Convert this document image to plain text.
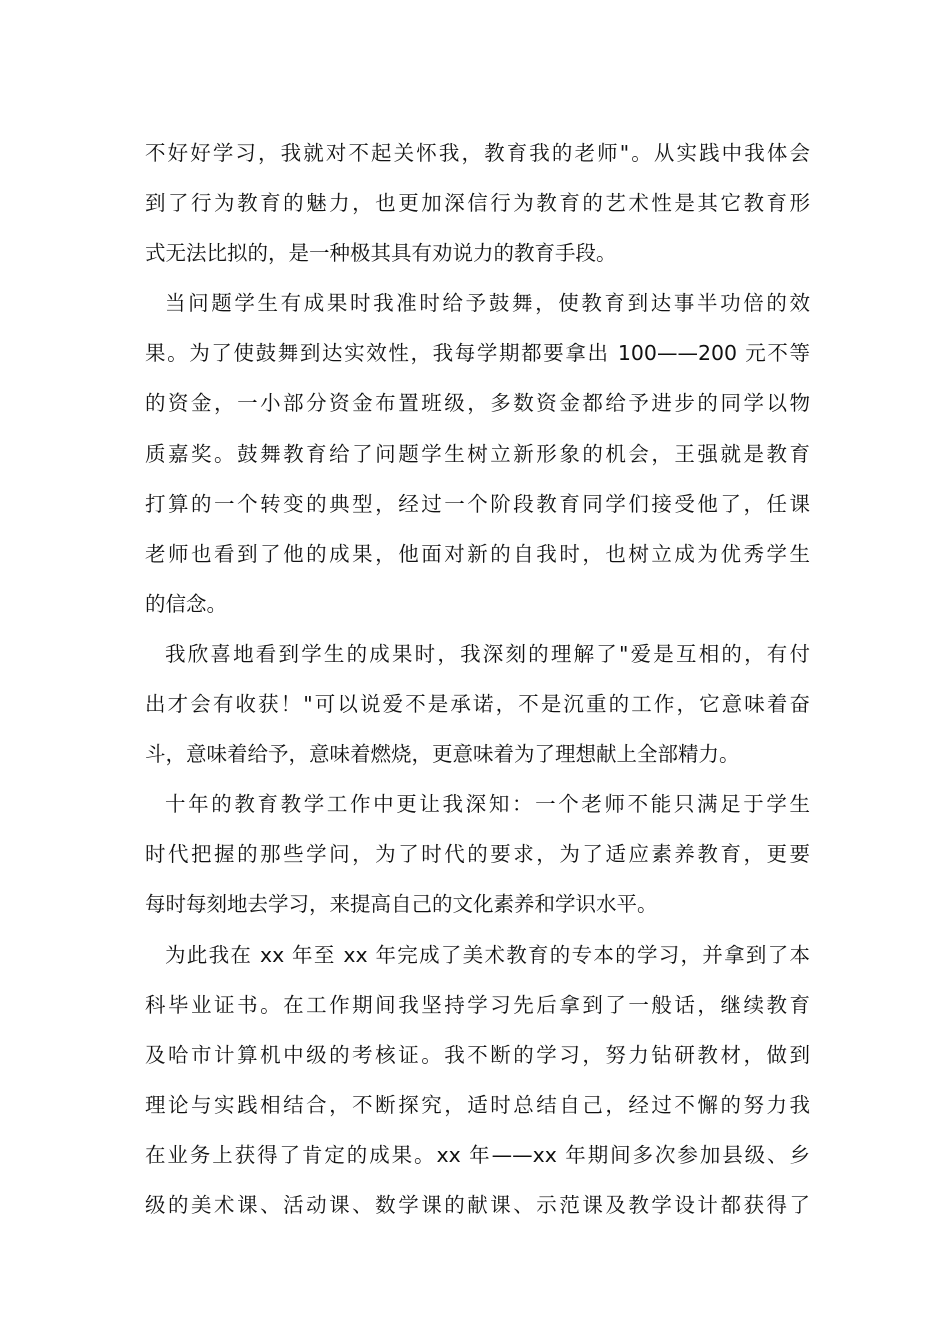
不好好学习，我就对不起关怀我，教育我的老师"。从实践中我体会
到了行为教育的魅力，也更加深信行为教育的艺术性是其它教育形
式无法比拟的，是一种极其具有劝说力的教育手段。
当问题学生有成果时我准时给予鼓舞，使教育到达事半功倍的效
果。为了使鼓舞到达实效性，我每学期都要拿出 100——200 元不等
的资金，一小部分资金布置班级，多数资金都给予进步的同学以物
质嘉奖。鼓舞教育给了问题学生树立新形象的机会，王强就是教育
打算的一个转变的典型，经过一个阶段教育同学们接受他了，任课
老师也看到了他的成果，他面对新的自我时，也树立成为优秀学生
的信念。
我欣喜地看到学生的成果时，我深刻的理解了"爱是互相的，有付
出才会有收获！"可以说爱不是承诺，不是沉重的工作，它意味着奋
斗，意味着给予，意味着燃烧，更意味着为了理想献上全部精力。
十年的教育教学工作中更让我深知：一个老师不能只满足于学生
时代把握的那些学问，为了时代的要求，为了适应素养教育，更要
每时每刻地去学习，来提高自己的文化素养和学识水平。
为此我在 xx 年至 xx 年完成了美术教育的专本的学习，并拿到了本
科毕业证书。在工作期间我坚持学习先后拿到了一般话，继续教育
及哈市计算机中级的考核证。我不断的学习，努力钻研教材，做到
理论与实践相结合，不断探究，适时总结自己，经过不懈的努力我
在业务上获得了肯定的成果。xx 年——xx 年期间多次参加县级、乡
级的美术课、活动课、数学课的献课、示范课及教学设计都获得了
